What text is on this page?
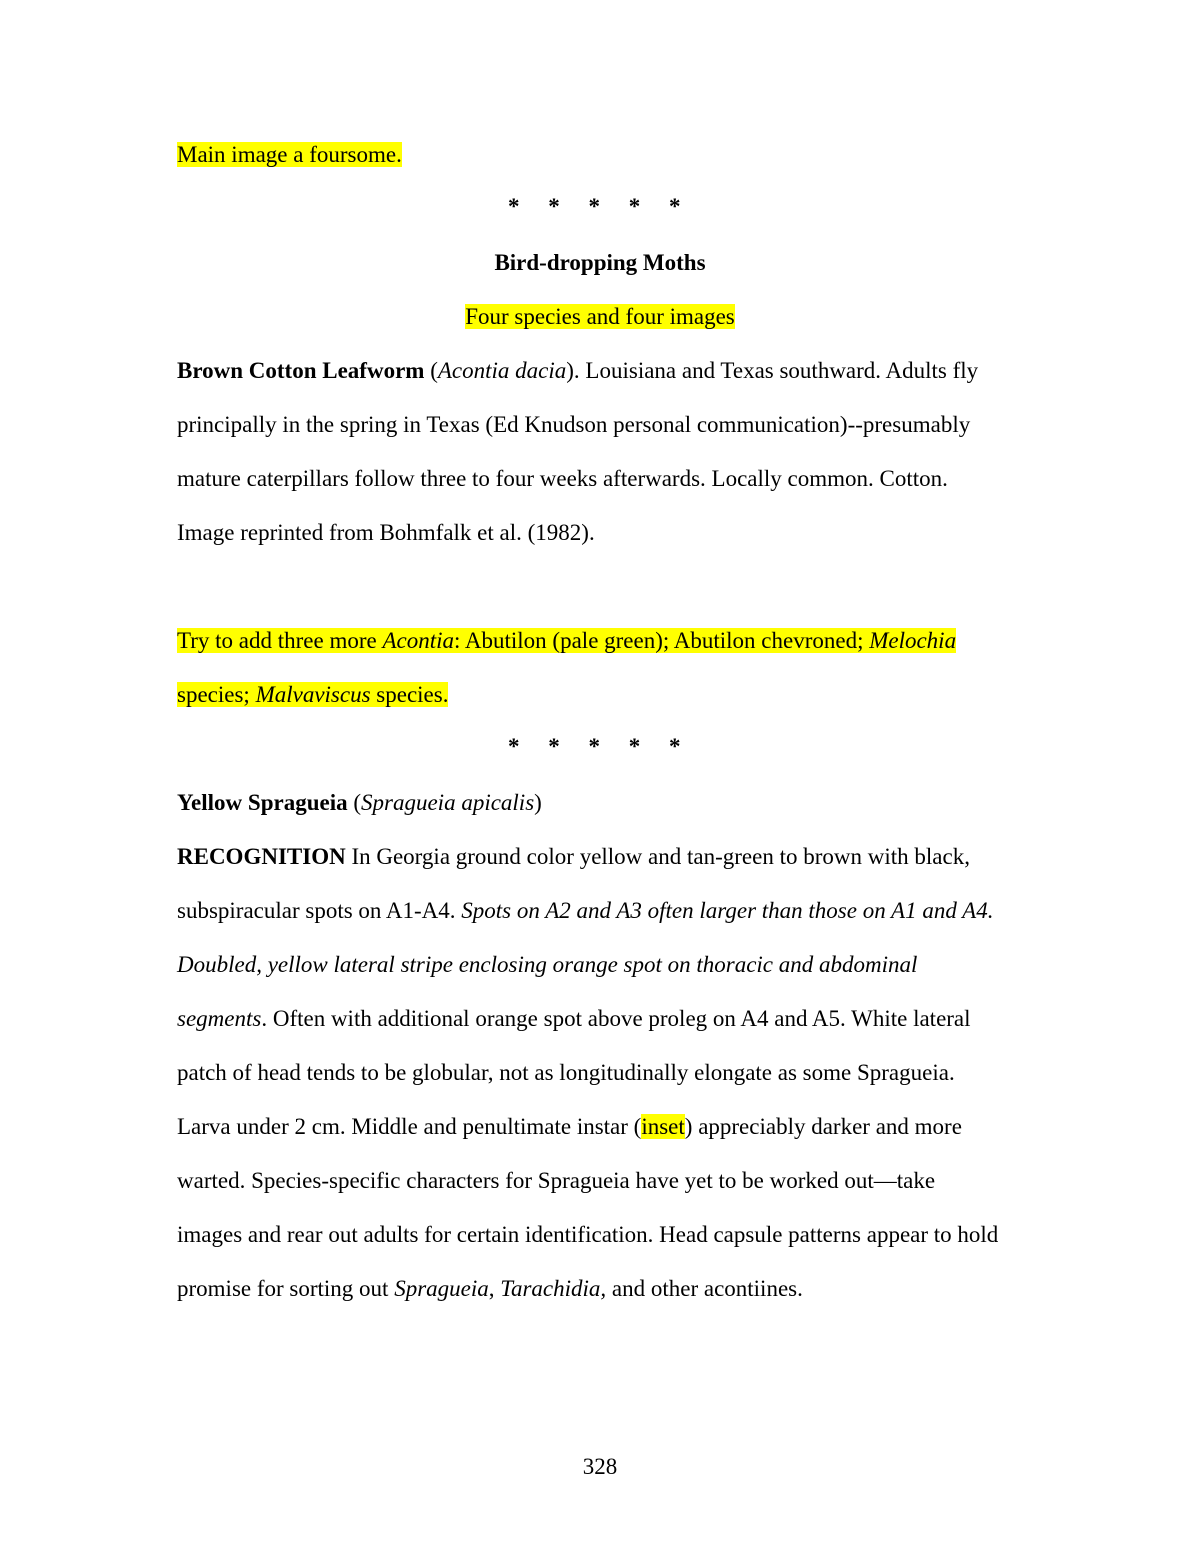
Main image a foursome.
* * * * *
Bird-dropping Moths
Four species and four images
Brown Cotton Leafworm (Acontia dacia). Louisiana and Texas southward. Adults fly
principally in the spring in Texas (Ed Knudson personal communication)--presumably
mature caterpillars follow three to four weeks afterwards. Locally common. Cotton.
Image reprinted from Bohmfalk et al. (1982).
Try to add three more Acontia: Abutilon (pale green); Abutilon chevroned; Melochia
species; Malvaviscus species.
* * * * *
Yellow Spragueia (Spragueia apicalis)
RECOGNITION In Georgia ground color yellow and tan-green to brown with black,
subspiracular spots on A1-A4. Spots on A2 and A3 often larger than those on A1 and A4.
Doubled, yellow lateral stripe enclosing orange spot on thoracic and abdominal
segments. Often with additional orange spot above proleg on A4 and A5. White lateral
patch of head tends to be globular, not as longitudinally elongate as some Spragueia.
Larva under 2 cm. Middle and penultimate instar (inset) appreciably darker and more
warted. Species-specific characters for Spragueia have yet to be worked out—take
images and rear out adults for certain identification. Head capsule patterns appear to hold
promise for sorting out Spragueia, Tarachidia, and other acontiines.
328
